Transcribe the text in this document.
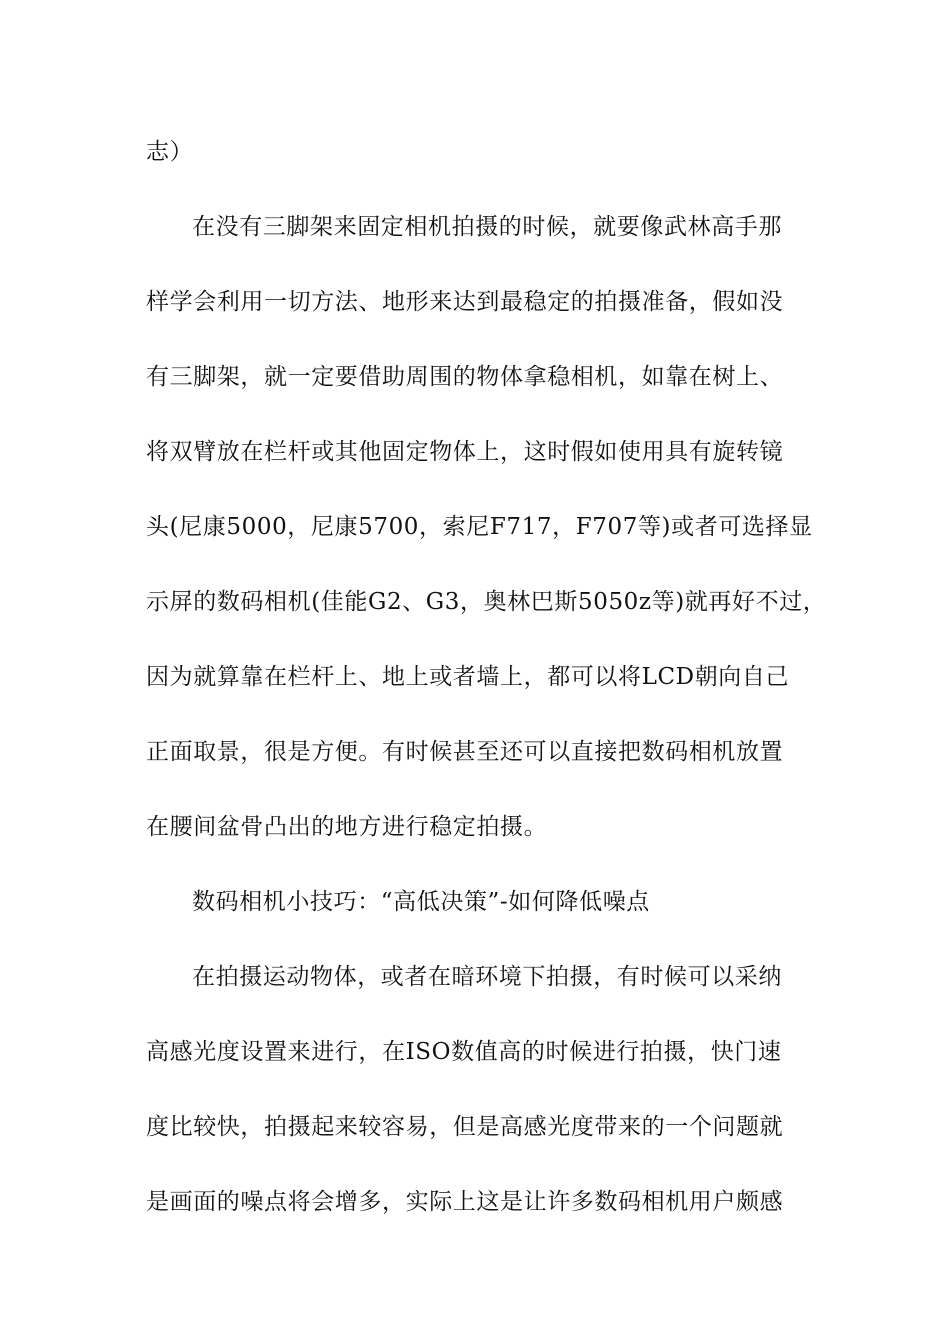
志）
在没有三脚架来固定相机拍摄的时候，就要像武林高手那
样学会利用一切方法、地形来达到最稳定的拍摄准备，假如没
有三脚架，就一定要借助周围的物体拿稳相机，如靠在树上、
将双臂放在栏杆或其他固定物体上，这时假如使用具有旋转镜
头(尼康5000，尼康5700，索尼F717，F707等)或者可选择显
示屏的数码相机(佳能G2、G3，奥林巴斯5050z等)就再好不过，
因为就算靠在栏杆上、地上或者墙上，都可以将LCD朝向自己
正面取景，很是方便。有时候甚至还可以直接把数码相机放置
在腰间盆骨凸出的地方进行稳定拍摄。
数码相机小技巧：“高低决策”-如何降低噪点
在拍摄运动物体，或者在暗环境下拍摄，有时候可以采纳
高感光度设置来进行，在ISO数值高的时候进行拍摄，快门速
度比较快，拍摄起来较容易，但是高感光度带来的一个问题就
是画面的噪点将会增多，实际上这是让许多数码相机用户颇感
